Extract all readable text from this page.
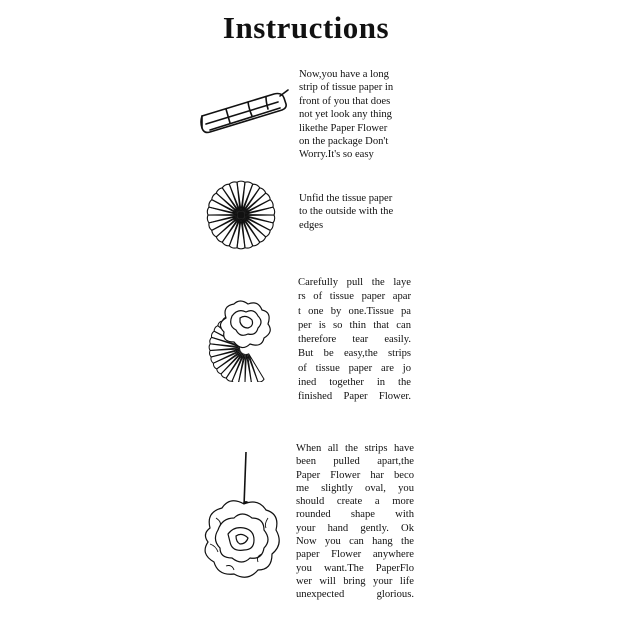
Instructions
Now,you have a long
strip of tissue paper in
front of you that does
not yet look any thing
likethe Paper Flower
on the package Don't
Worry.It's so easy
Unfid the tissue paper
to the outside with the
edges
Carefully pull the laye
rs of tissue paper apar
t one by one.Tissue pa
per is so thin that can
therefore tear easily.
But be easy,the strips
of tissue paper are jo
ined together in the
finished Paper Flower.
When all the strips have
been pulled apart,the
Paper Flower har beco
me slightly oval, you
should create a more
rounded shape with
your hand gently. Ok
Now you can hang the
paper Flower anywhere
you want.The PaperFlo
wer will bring your life
unexpected glorious.
